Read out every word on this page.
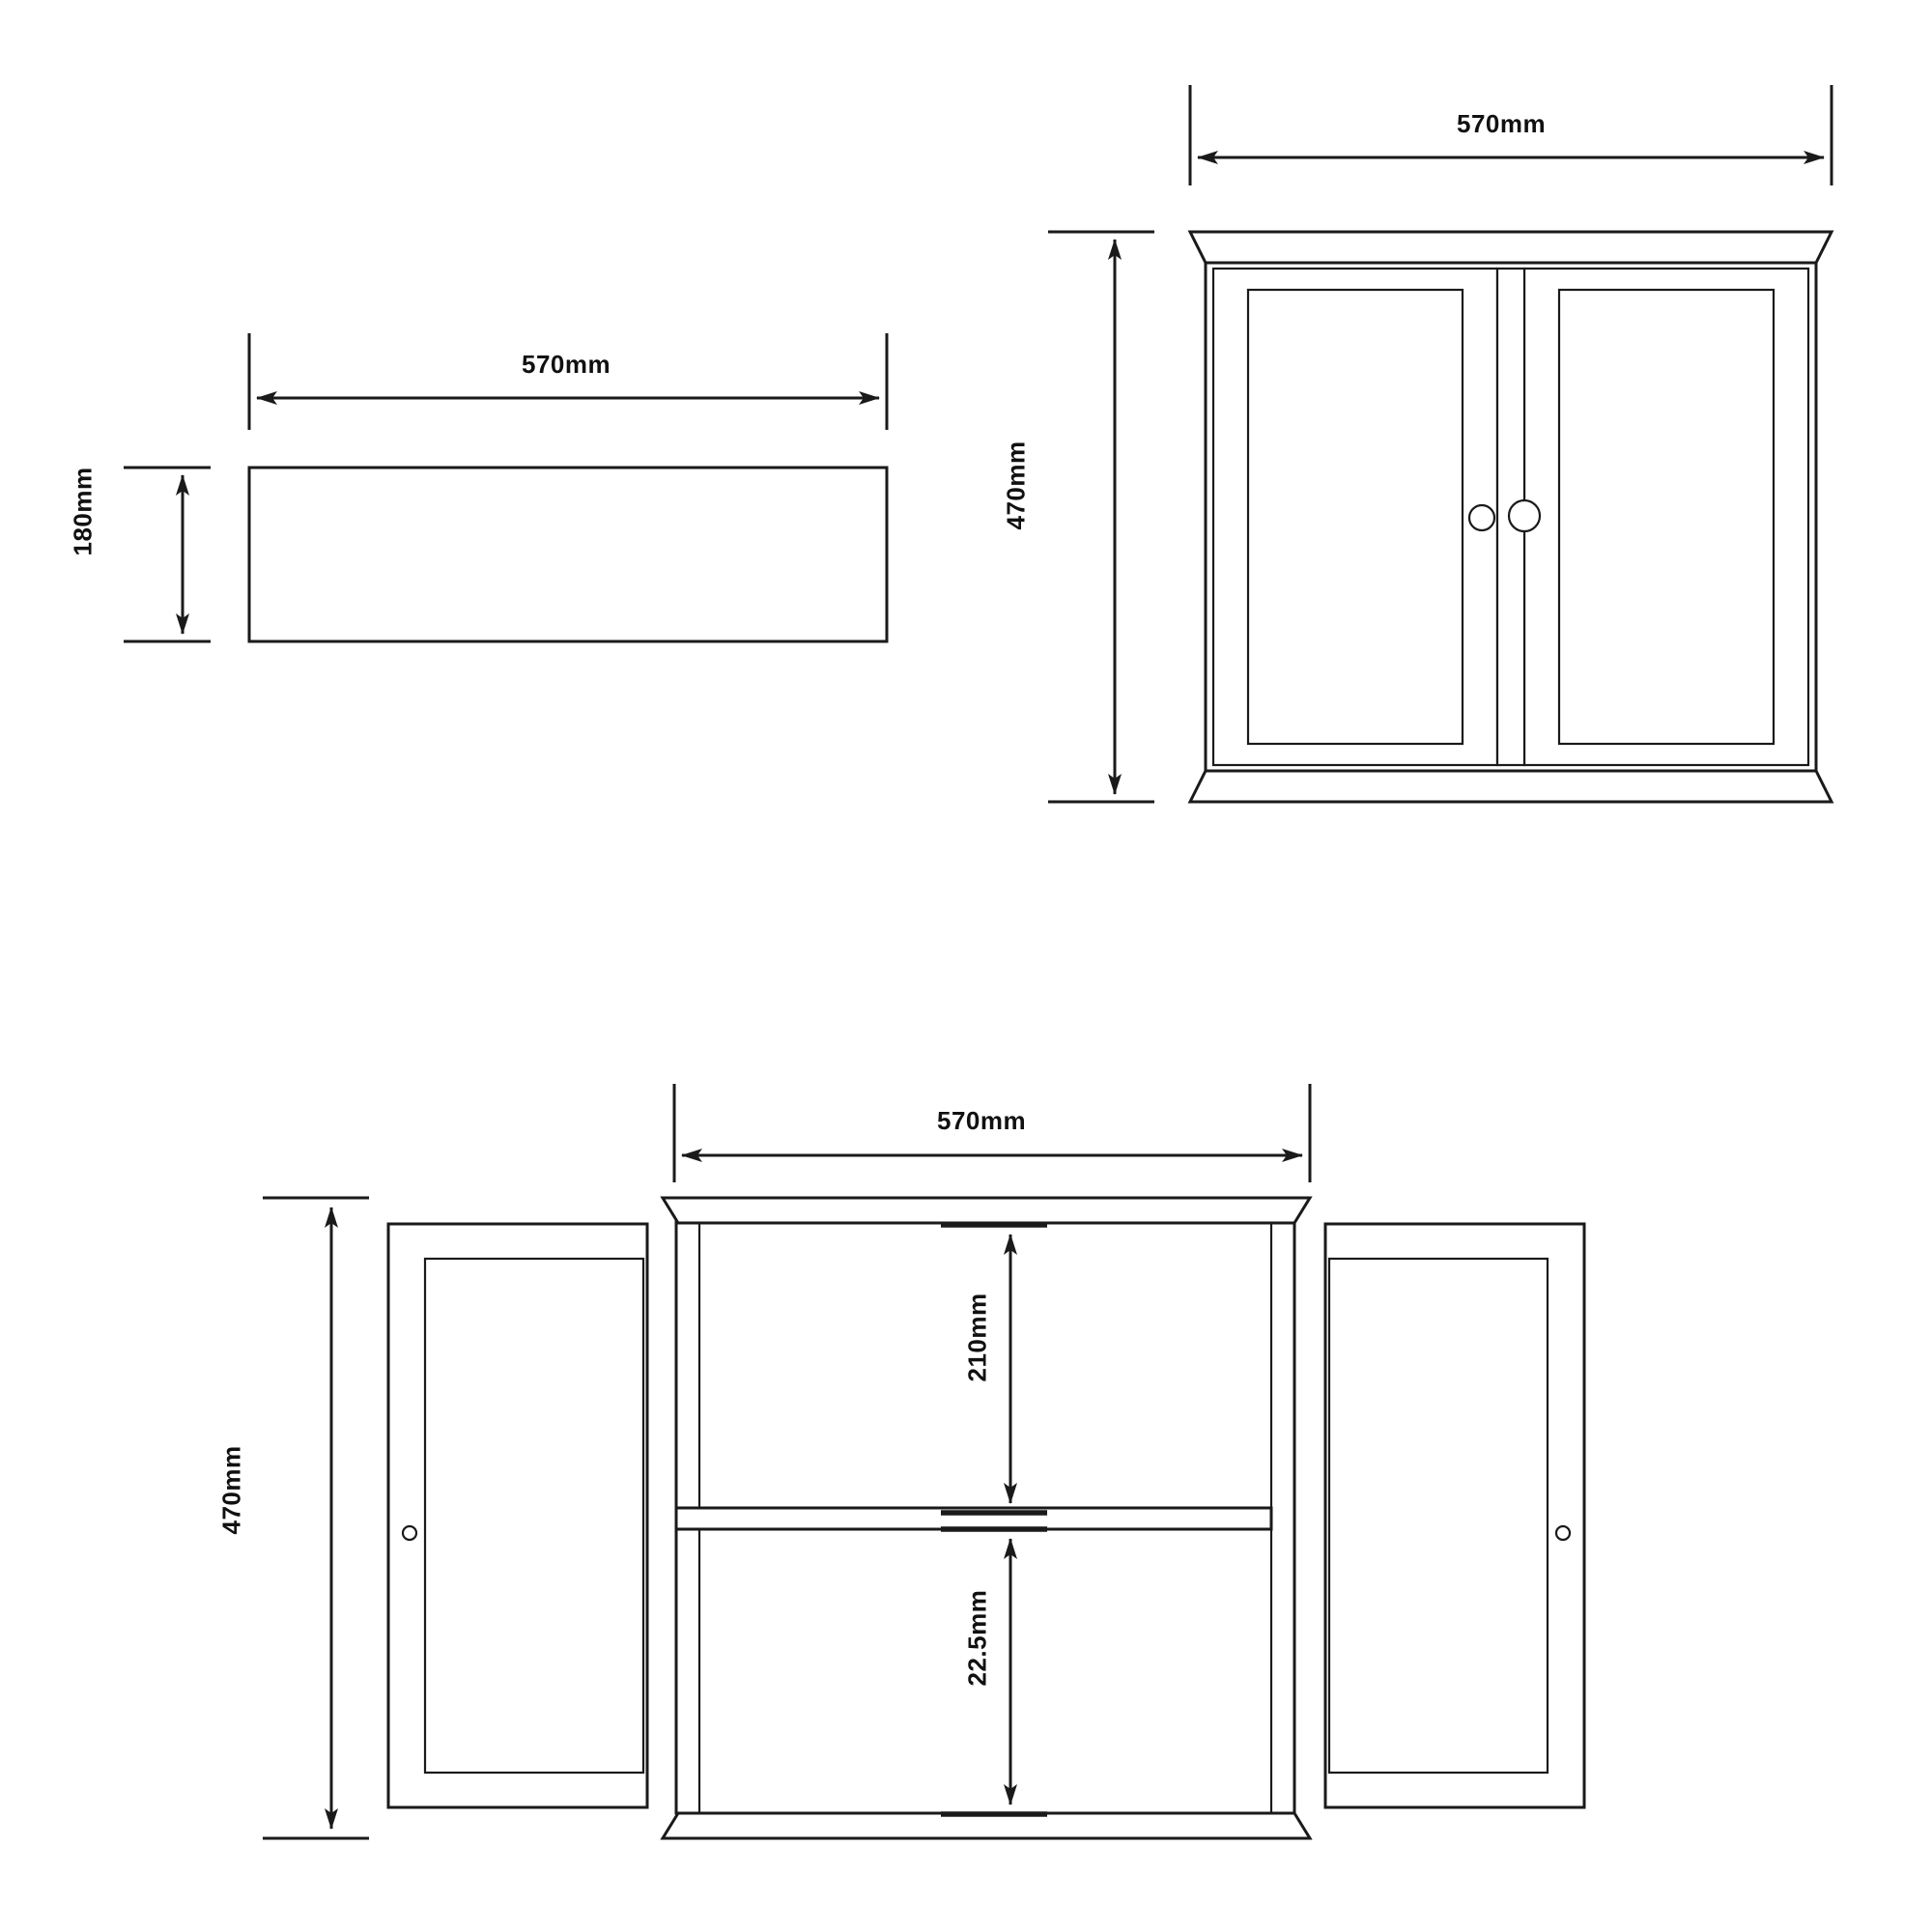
570mm
180mm
570mm
470mm
570mm
470mm
